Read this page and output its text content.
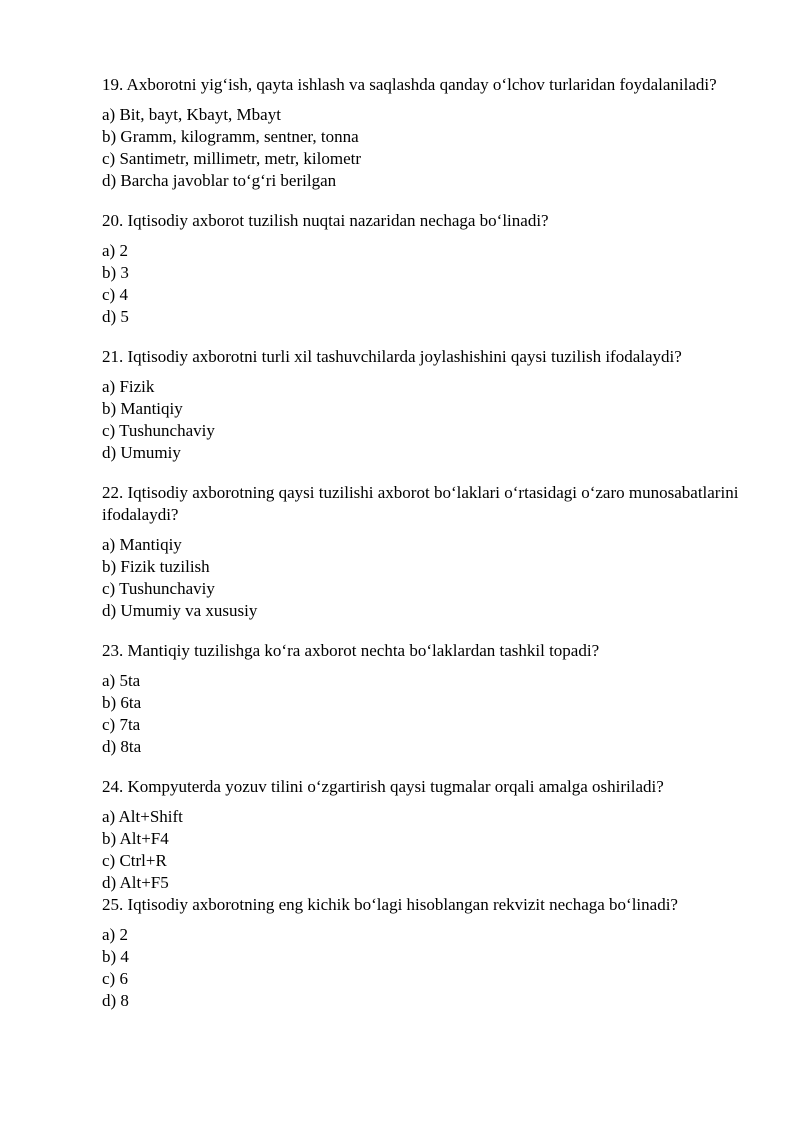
19. Axborotni yig‘ish, qayta ishlash va saqlashda qanday o‘lchov turlaridan foydalaniladi?

a) Bit, bayt, Kbayt, Mbayt
b) Gramm, kilogramm, sentner, tonna
c) Santimetr, millimetr, metr, kilometr
d) Barcha javoblar to‘g‘ri berilgan

20. Iqtisodiy axborot tuzilish nuqtai nazaridan nechaga bo‘linadi?

a) 2
b) 3
c) 4
d) 5

21. Iqtisodiy axborotni turli xil tashuvchilarda joylashishini qaysi tuzilish ifodalaydi?

a) Fizik
b) Mantiqiy
c) Tushunchaviy
d) Umumiy

22. Iqtisodiy axborotning qaysi tuzilishi axborot bo‘laklari o‘rtasidagi o‘zaro munosabatlarini ifodalaydi?

a) Mantiqiy
b) Fizik tuzilish
c) Tushunchaviy
d) Umumiy va xususiy

23. Mantiqiy tuzilishga ko‘ra axborot nechta bo‘laklardan tashkil topadi?

a) 5ta
b) 6ta
c) 7ta
d) 8ta

24. Kompyuterda yozuv tilini o‘zgartirish qaysi tugmalar orqali amalga oshiriladi?

a) Alt+Shift
b) Alt+F4
c) Ctrl+R
d) Alt+F5

25. Iqtisodiy axborotning eng kichik bo‘lagi hisoblangan rekvizit nechaga bo‘linadi?

a) 2
b) 4
c) 6
d) 8
